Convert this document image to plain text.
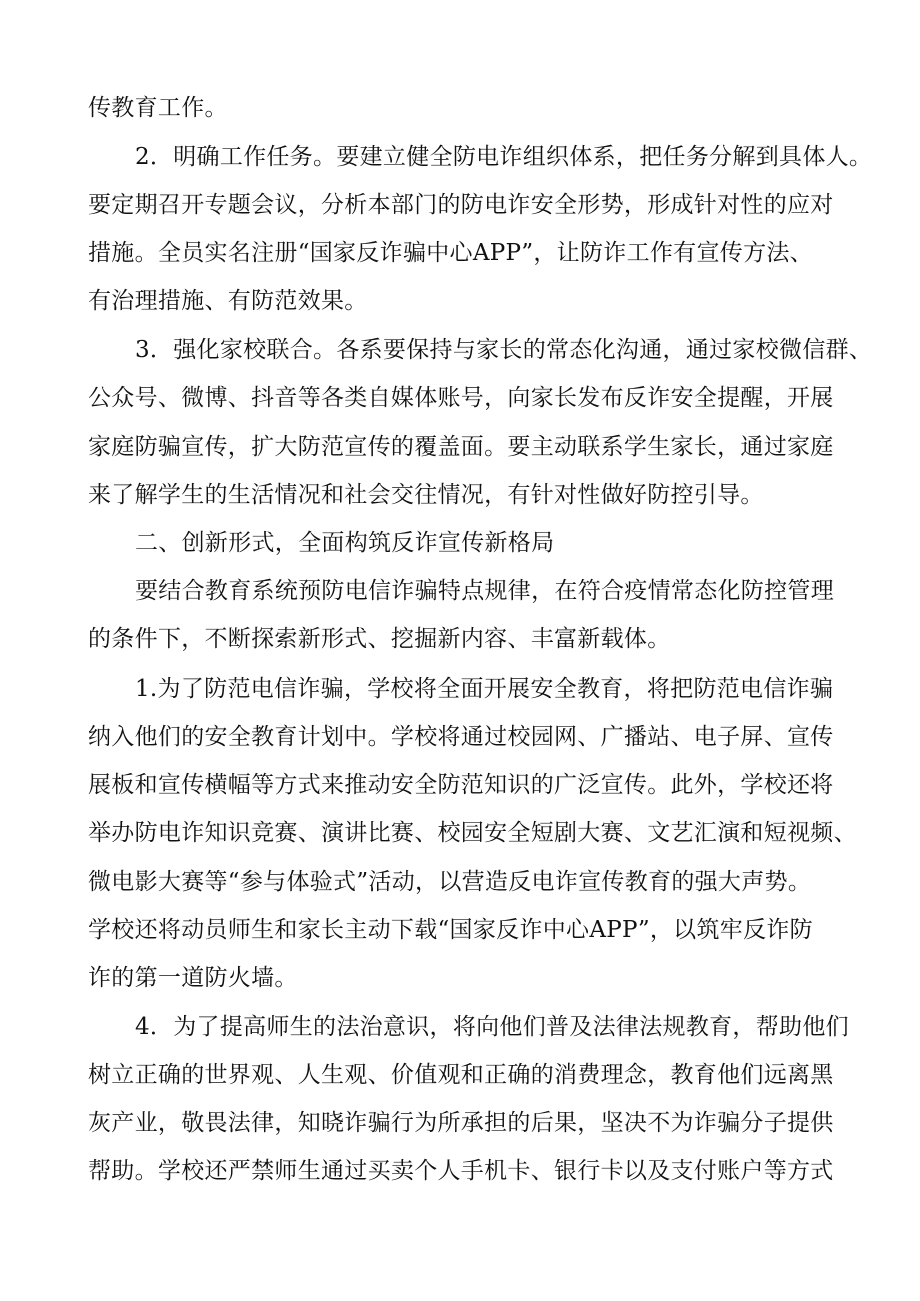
传教育工作。
2．明确工作任务。要建立健全防电诈组织体系，把任务分解到具体人。
要定期召开专题会议，分析本部门的防电诈安全形势，形成针对性的应对
措施。全员实名注册“国家反诈骗中心APP”，让防诈工作有宣传方法、
有治理措施、有防范效果。
3．强化家校联合。各系要保持与家长的常态化沟通，通过家校微信群、
公众号、微博、抖音等各类自媒体账号，向家长发布反诈安全提醒，开展
家庭防骗宣传，扩大防范宣传的覆盖面。要主动联系学生家长，通过家庭
来了解学生的生活情况和社会交往情况，有针对性做好防控引导。
二、创新形式，全面构筑反诈宣传新格局
要结合教育系统预防电信诈骗特点规律，在符合疫情常态化防控管理
的条件下，不断探索新形式、挖掘新内容、丰富新载体。
1.为了防范电信诈骗，学校将全面开展安全教育，将把防范电信诈骗
纳入他们的安全教育计划中。学校将通过校园网、广播站、电子屏、宣传
展板和宣传横幅等方式来推动安全防范知识的广泛宣传。此外，学校还将
举办防电诈知识竞赛、演讲比赛、校园安全短剧大赛、文艺汇演和短视频、
微电影大赛等“参与体验式”活动，以营造反电诈宣传教育的强大声势。
学校还将动员师生和家长主动下载“国家反诈中心APP”，以筑牢反诈防
诈的第一道防火墙。
4．为了提高师生的法治意识，将向他们普及法律法规教育，帮助他们
树立正确的世界观、人生观、价值观和正确的消费理念，教育他们远离黑
灰产业，敬畏法律，知晓诈骗行为所承担的后果，坚决不为诈骗分子提供
帮助。学校还严禁师生通过买卖个人手机卡、银行卡以及支付账户等方式
